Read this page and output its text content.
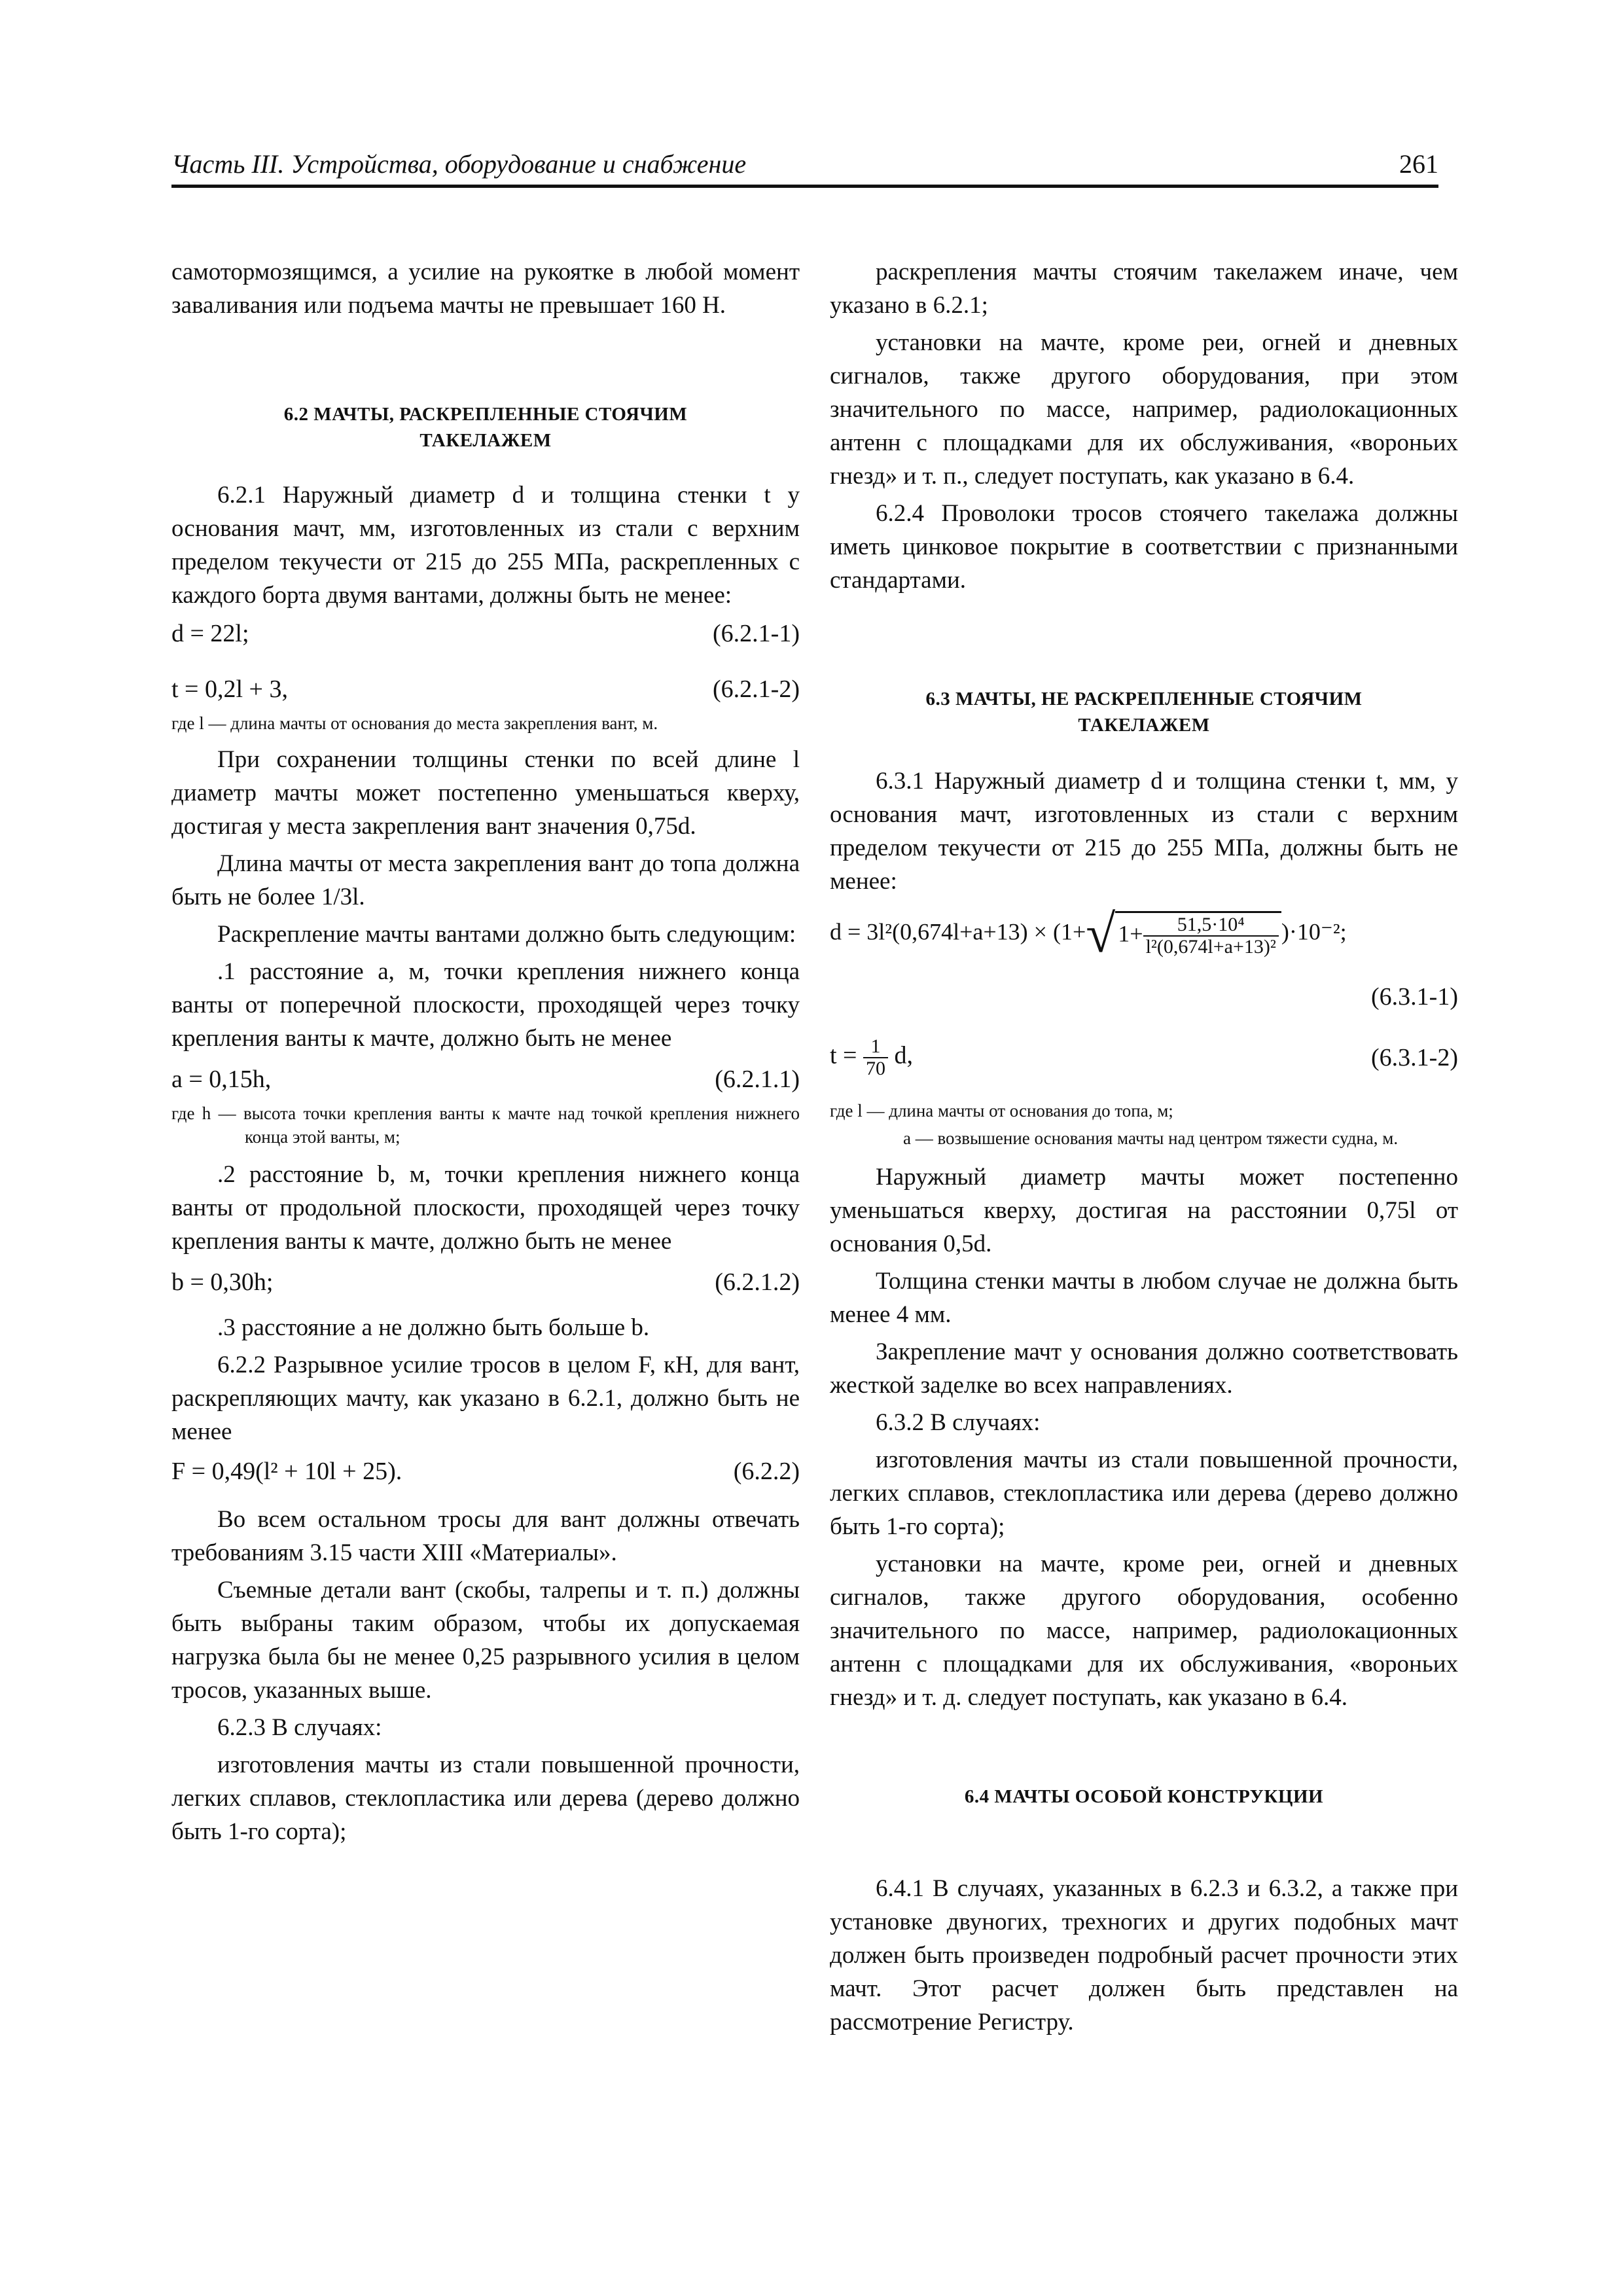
Часть III. Устройства, оборудование и снабжение	261

самотормозящимся, а усилие на рукоятке в любой момент заваливания или подъема мачты не превышает 160 Н.

6.2 МАЧТЫ, РАСКРЕПЛЕННЫЕ СТОЯЧИМ ТАКЕЛАЖЕМ

6.2.1 Наружный диаметр d и толщина стенки t у основания мачт, мм, изготовленных из стали с верхним пределом текучести от 215 до 255 МПа, раскрепленных с каждого борта двумя вантами, должны быть не менее:

d = 22l;	(6.2.1-1)
t = 0,2l + 3,	(6.2.1-2)

где l — длина мачты от основания до места закрепления вант, м.

При сохранении толщины стенки по всей длине l диаметр мачты может постепенно уменьшаться кверху, достигая у места закрепления вант значения 0,75d.

Длина мачты от места закрепления вант до топа должна быть не более 1/3l.

Раскрепление мачты вантами должно быть следующим:

.1 расстояние a, м, точки крепления нижнего конца ванты от поперечной плоскости, проходящей через точку крепления ванты к мачте, должно быть не менее

a = 0,15h,	(6.2.1.1)

где h — высота точки крепления ванты к мачте над точкой крепления нижнего конца этой ванты, м;

.2 расстояние b, м, точки крепления нижнего конца ванты от продольной плоскости, проходящей через точку крепления ванты к мачте, должно быть не менее

b = 0,30h;	(6.2.1.2)

.3 расстояние a не должно быть больше b.

6.2.2 Разрывное усилие тросов в целом F, кН, для вант, раскрепляющих мачту, как указано в 6.2.1, должно быть не менее

F = 0,49(l² + 10l + 25).	(6.2.2)

Во всем остальном тросы для вант должны отвечать требованиям 3.15 части XIII «Материалы».

Съемные детали вант (скобы, талрепы и т. п.) должны быть выбраны таким образом, чтобы их допускаемая нагрузка была бы не менее 0,25 разрывного усилия в целом тросов, указанных выше.

6.2.3 В случаях:

изготовления мачты из стали повышенной прочности, легких сплавов, стеклопластика или дерева (дерево должно быть 1-го сорта);

раскрепления мачты стоячим такелажем иначе, чем указано в 6.2.1;

установки на мачте, кроме реи, огней и дневных сигналов, также другого оборудования, при этом значительного по массе, например, радиолокационных антенн с площадками для их обслуживания, «вороньих гнезд» и т. п., следует поступать, как указано в 6.4.

6.2.4 Проволоки тросов стоячего такелажа должны иметь цинковое покрытие в соответствии с признанными стандартами.

6.3 МАЧТЫ, НЕ РАСКРЕПЛЕННЫЕ СТОЯЧИМ ТАКЕЛАЖЕМ

6.3.1 Наружный диаметр d и толщина стенки t, мм, у основания мачт, изготовленных из стали с верхним пределом текучести от 215 до 255 МПа, должны быть не менее:

d = 3l²(0,674l+a+13) × (1+√ $1+ \frac{\text{51,5·10⁴}}{\text{l²(0,674l+a+13)²}} )\cdot 10^{-2}$;
(6.3.1-1)
$t = \frac{1}{70} d$,	(6.3.1-2)

где l — длина мачты от основания до топа, м;

a — возвышение основания мачты над центром тяжести судна, м.

Наружный диаметр мачты может постепенно уменьшаться кверху, достигая на расстоянии 0,75l от основания 0,5d.

Толщина стенки мачты в любом случае не должна быть менее 4 мм.

Закрепление мачт у основания должно соответствовать жесткой заделке во всех направлениях.

6.3.2 В случаях:

изготовления мачты из стали повышенной прочности, легких сплавов, стеклопластика или дерева (дерево должно быть 1-го сорта);

установки на мачте, кроме реи, огней и дневных сигналов, также другого оборудования, особенно значительного по массе, например, радиолокационных антенн с площадками для их обслуживания, «вороньих гнезд» и т. д. следует поступать, как указано в 6.4.

6.4 МАЧТЫ ОСОБОЙ КОНСТРУКЦИИ

6.4.1 В случаях, указанных в 6.2.3 и 6.3.2, а также при установке двуногих, трехногих и других подобных мачт должен быть произведен подробный расчет прочности этих мачт. Этот расчет должен быть представлен на рассмотрение Регистру.
